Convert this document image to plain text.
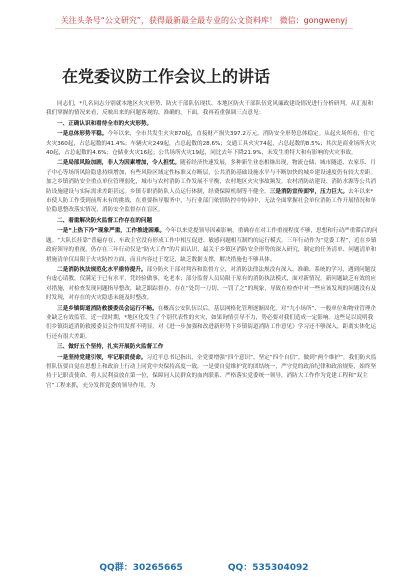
关注头条号“公文研究”，获得最新最全最专业的公文资料库！ 微信：gongwenyj
在党委议防工作会议上的讲话

同志们，*几名同志分别就本地区火灾形势、防火干部队伍现状、本地区防火干部队伍党风廉政建设情况进行分析研判，从汇报和我们掌握的情况来看，反映出来的问题客观的、准确的。下面，我再着重强调三点意见：

一、正确认识和看待全市的火灾形势。

一是总体形势平稳。今年以来，全市共发生火灾870起，直接财产损失397.2万元，消防安全形势总体稳定。从起火场所看，住宅火灾360起，占总起数的41.4%；车辆火灾249起，占总起数的28.6%；交通工具火灾74起，占总起数的8.5%；其次是商业场所火灾40起，占总起数的4.6%；仓储业火灾16起；公共场所火灾19起，同比去年下降21.9%，未发生重特大和有影响的火灾事故。

二是局部风险加剧，非人为因素增加，令人担忧。随着经济快速发展，多种新生业态相继出现，物流仓储、城市隧道、农家乐、月子中心等场所风险隐患持续增加，有些风险区域定性标准又存断层，公共消防基础设施水平与不断加快的城乡建设速度仍有较大差距。加之乡镇消防安全重点单位管理弱化，城市与农村消防工作发展不平衡，农村地区火灾事故频发。农村消防站建设、消防水源等公共消防设施建设与实际需求差距甚远。乡镇专职消防队人员运行体制，经费保障机制等不健全。三是消防宣传面窄，压力巨大。去年以来*市使人防工作受到前所未有的挑战，在重要指导服务中，与行业部门依情防控中协同中，无法全面掌握社会单位消防工作开展情况和单位隐患整改落实情况，消防安全监督存在盲区。

二、着重解决防火监督工作存在的问题

一是“上热下冷”现象严重，工作推进困难。今年以来党提领导因素影响，重确存在对工作重视程度不够，思想和行动严重滞后的问题。“大队长挂靠”普遍存在，车政主官没有形成工作中相互促进、敏感问题相互制约的运行模式。三年行动作为“党委工程”，近在乡镇政府领导的重视，仍存在三年行动仅是“防火工作”的片面认识，最关于乡镇区消防安全形势的深入研究，制定的任务清单、问题清单和措施清单仅局限于火灾防控方面，而且内容过于宽泛，缺乏数据支撑，解决措施也不够具体。

二是消防执法规范化水平亟待提升。部分防火干部对判容和监督方立，对消防法律法规没有深入、准确、系统的学习，遇到问题没有虚心请教，仅满足于已有水平，凭经验做事，吃老本；部分监督人员局限于原有的消防执法模式，面对新情况，新问题缺乏有效的应对措施，对检查发现问题指导整改，缺乏跟踪督办，存在“处罚一刀切、一罚了之”的现象，导致在检查中对一些应该发现的问题没有及时发现，对存在的火灾隐患未能及时整改。

三是乡镇街道消防救援委员会运行不畅。在概高公安队伍以后，基层网格化管理逐渐固化，对“九小场所”、一般单位和物业管理企业缺乏有效监管，近一段时期，*地区化发生了个别代表性的火灾，如果询情引导不力，势必要对我们造成一定影响。这些足以说明我们乡镇街道消防救援委员会作用发挥不明显，对《进一步加强和改进新形势下乡镇街道消防工作意见》学习还不够深入，距离实体化运行还有很大差距。

三、做好五个坚持，扎实开展防火监督工作

一是坚持党建引领，牢记职责使命。习近平总书记指出，全党要增强“四个意识”、坚定“四个自信”，做到“两个维护”。我们防火监督队伍要自觉在思想上和政治上行动上同党中央保持高度一致，一是要自觉维护党的团结统一，严守党的政治纪律和政治规矩，始终坚持于记职责使命，将人民利益放在第一位，保障同人民群众的血肉联系、严格落实党委统一领导，消防大工作作为党建工程和“双主官”工程来抓，充分发挥党委的领导作用，为

QQ群：30265665	QQ：535304092
